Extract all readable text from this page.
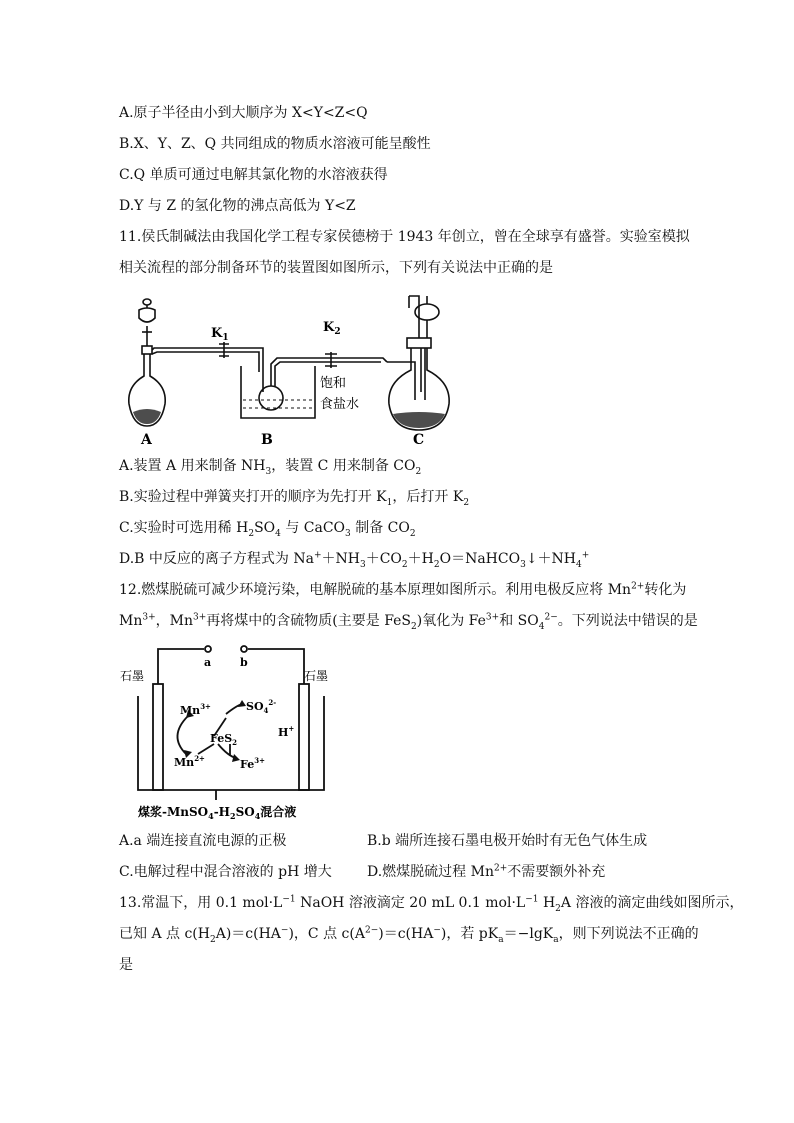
A.原子半径由小到大顺序为 X<Y<Z<Q
B.X、Y、Z、Q 共同组成的物质水溶液可能呈酸性
C.Q 单质可通过电解其氯化物的水溶液获得
D.Y 与 Z 的氢化物的沸点高低为 Y<Z
11.侯氏制碱法由我国化学工程专家侯德榜于 1943 年创立，曾在全球享有盛誉。实验室模拟
相关流程的部分制备环节的装置图如图所示，下列有关说法中正确的是
$K_1$
$K_2$
饱和
食盐水
A	B	C
A.装置 A 用来制备 $NH_3$，装置 C 用来制备 $CO_2$
B.实验过程中弹簧夹打开的顺序为先打开 $K_1$，后打开 $K_2$
C.实验时可选用稀 $H_2SO_4$ 与 CaCO$_3$ 制备 $CO_2$
D.B 中反应的离子方程式为 $Na^++NH_3+CO_2+H_2O=NaHCO_3↓+NH_4^+$
12.燃煤脱硫可减少环境污染，电解脱硫的基本原理如图所示。利用电极反应将 $Mn^{2+}$转化为
$Mn^{3+}$，$Mn^{3+}$再将煤中的含硫物质(主要是 FeS$_2$)氧化为 $Fe^{3+}$和 $SO_4^{2-}$。下列说法中错误的是
石墨	石墨
a	b
$Mn^{3+}$	$SO_4^{2-}$
FeS$_2$
$Mn^{2+}$	$Fe^{3+}$
H+
煤浆$-MnSO_4-H_2SO_4$混合液
A.a 端连接直流电源的正极	B.b 端所连接石墨电极开始时有无色气体生成
C.电解过程中混合溶液的 pH 增大	D.燃煤脱硫过程 $Mn^{2+}$不需要额外补充
13.常温下，用 0.1 $mol\cdot L^{-1}$ NaOH 溶液滴定 20 mL 0.1 $mol\cdot L^{-1}$ $H_2A$ 溶液的滴定曲线如图所示，
已知 A 点 $c(H_2A)=c(HA^-)$，C 点 $c(A^{2-})=c(HA^-)$，若 $pK_a=-\lg K_a$，则下列说法不正确的
是
